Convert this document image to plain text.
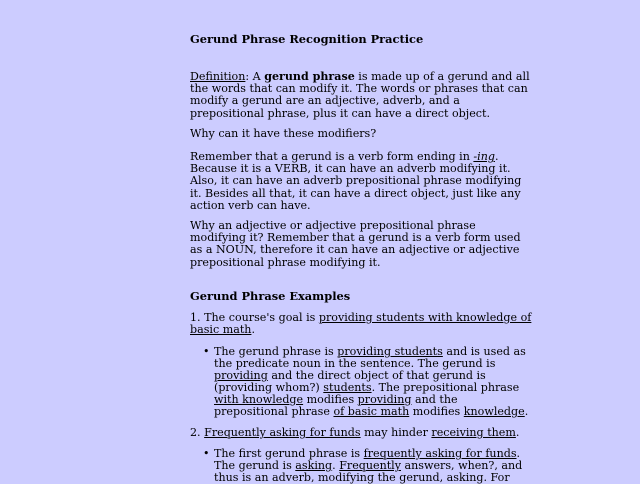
Gerund Phrase Recognition Practice
Definition: A gerund phrase is made up of a gerund and all
the words that can modify it. The words or phrases that can
modify a gerund are an adjective, adverb, and a
prepositional phrase, plus it can have a direct object.
Why can it have these modifiers?
Remember that a gerund is a verb form ending in -ing.
Because it is a VERB, it can have an adverb modifying it.
Also, it can have an adverb prepositional phrase modifying
it. Besides all that, it can have a direct object, just like any
action verb can have.
Why an adjective or adjective prepositional phrase
modifying it? Remember that a gerund is a verb form used
as a NOUN, therefore it can have an adjective or adjective
prepositional phrase modifying it.
Gerund Phrase Examples
1. The course's goal is providing students with knowledge of
basic math.
• The gerund phrase is providing students and is used as
the predicate noun in the sentence. The gerund is
providing and the direct object of that gerund is
(providing whom?) students. The prepositional phrase
with knowledge modifies providing and the
prepositional phrase of basic math modifies knowledge.
2. Frequently asking for funds may hinder receiving them.
• The first gerund phrase is frequently asking for funds.
The gerund is asking. Frequently answers, when?, and
thus is an adverb, modifying the gerund, asking. For
